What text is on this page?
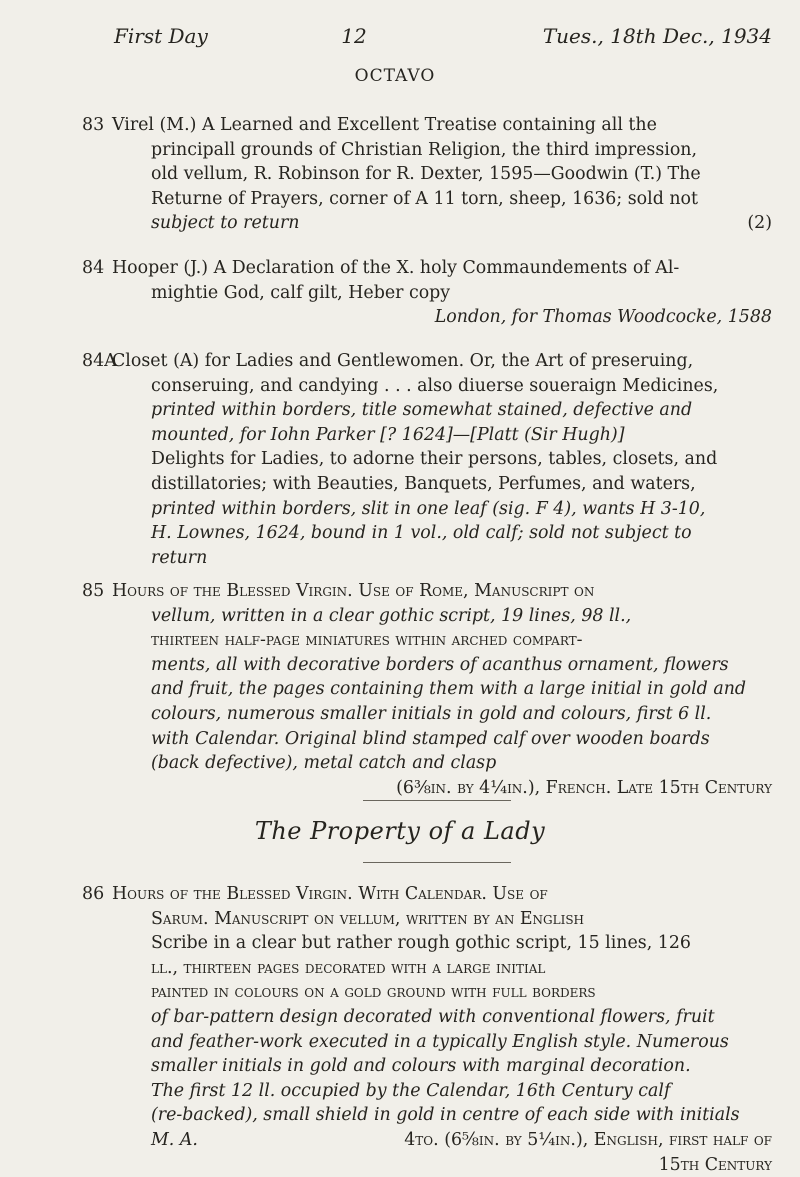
First Day	12	Tues., 18th Dec., 1934
OCTAVO
83 Virel (M.) A Learned and Excellent Treatise containing all the
principall grounds of Christian Religion, the third impression,
old vellum, R. Robinson for R. Dexter, 1595—Goodwin (T.) The
Returne of Prayers, corner of A 11 torn, sheep, 1636; sold not
subject to return	(2)
84 Hooper (J.) A Declaration of the X. holy Commaundements of Al-
mightie God, calf gilt, Heber copy
London, for Thomas Woodcocke, 1588
84A
Closet (A) for Ladies and Gentlewomen. Or, the Art of preseruing,
conseruing, and candying . . . also diuerse soueraign Medicines,
printed within borders, title somewhat stained, defective and
mounted, for Iohn Parker [? 1624]—[Platt (Sir Hugh)]
Delights for Ladies, to adorne their persons, tables, closets, and
distillatories; with Beauties, Banquets, Perfumes, and waters,
printed within borders, slit in one leaf (sig. F 4), wants H 3-10,
H. Lownes, 1624, bound in 1 vol., old calf; sold not subject to
return
85 Hours of the Blessed Virgin. Use of Rome, Manuscript on
vellum, written in a clear gothic script, 19 lines, 98 ll.,
thirteen half-page miniatures within arched compart-
ments, all with decorative borders of acanthus ornament, flowers
and fruit, the pages containing them with a large initial in gold and
colours, numerous smaller initials in gold and colours, first 6 ll.
with Calendar. Original blind stamped calf over wooden boards
(back defective), metal catch and clasp
(6⅜in. by 4¼in.), French. Late 15th Century
The Property of a Lady
86 Hours of the Blessed Virgin. With Calendar. Use of
Sarum. Manuscript on vellum, written by an English
Scribe in a clear but rather rough gothic script, 15 lines, 126
ll., thirteen pages decorated with a large initial
painted in colours on a gold ground with full borders
of bar-pattern design decorated with conventional flowers, fruit
and feather-work executed in a typically English style. Numerous
smaller initials in gold and colours with marginal decoration.
The first 12 ll. occupied by the Calendar, 16th Century calf
(re-backed), small shield in gold in centre of each side with initials
M. A.	4to. (6⅝in. by 5¼in.), English, first half of
15th Century
